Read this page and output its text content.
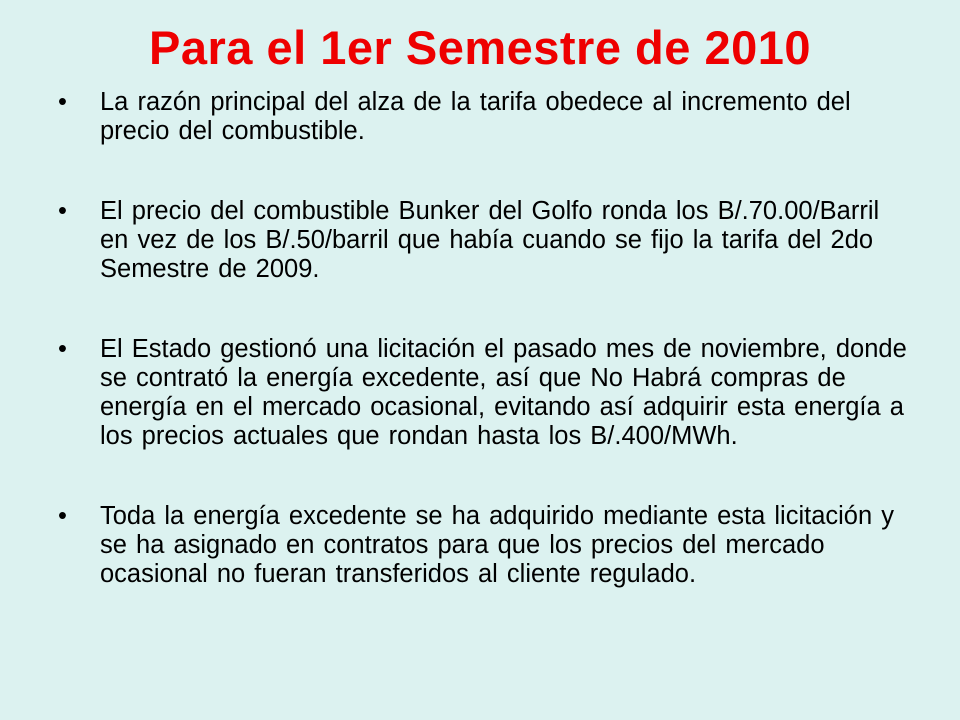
Para el 1er Semestre de 2010
•	La razón principal del alza de la tarifa obedece al incremento del precio del combustible.
•	El precio del combustible Bunker del Golfo ronda los B/.70.00/Barril en vez de los B/.50/barril que había cuando se fijo la tarifa del 2do Semestre de 2009.
•	El Estado gestionó una licitación el pasado mes de noviembre, donde se contrató la energía excedente, así que No Habrá compras de energía en el mercado ocasional, evitando así adquirir esta energía a los precios actuales que rondan hasta los B/.400/MWh.
•	Toda la energía excedente se ha adquirido mediante esta licitación y se ha asignado en contratos para que los precios del mercado ocasional no fueran transferidos al cliente regulado.
